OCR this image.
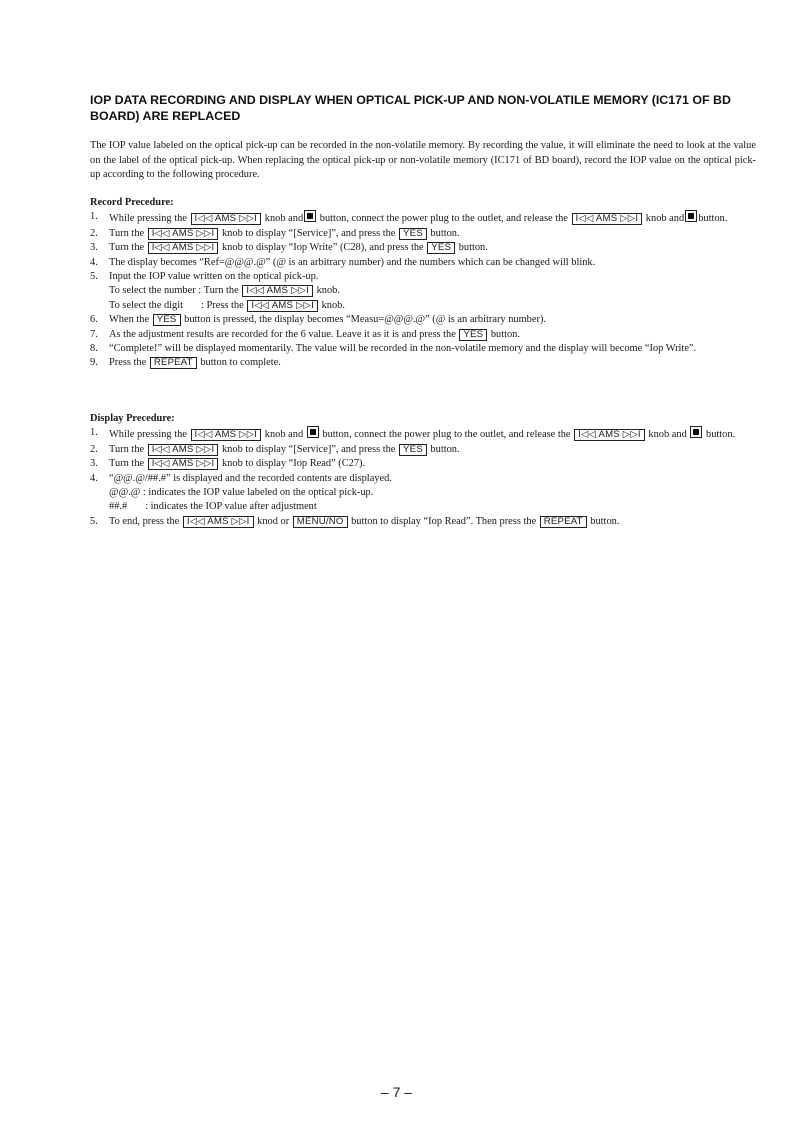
IOP DATA RECORDING AND DISPLAY WHEN OPTICAL PICK-UP AND NON-VOLATILE MEMORY (IC171 OF BD BOARD) ARE REPLACED
The IOP value labeled on the optical pick-up can be recorded in the non-volatile memory. By recording the value, it will eliminate the need to look at the value on the label of the optical pick-up. When replacing the optical pick-up or non-volatile memory (IC171 of BD board), record the IOP value on the optical pick-up according to the following procedure.
Record Precedure:
1. While pressing the I◁◁ AMS ▷▷I knob and button, connect the power plug to the outlet, and release the I◁◁ AMS ▷▷I knob and button.
2. Turn the I◁◁ AMS ▷▷I knob to display “[Service]”, and press the YES button.
3. Turn the I◁◁ AMS ▷▷I knob to display “Iop Write” (C28), and press the YES button.
4. The display becomes “Ref=@@@.@” (@ is an arbitrary number) and the numbers which can be changed will blink.
5. Input the IOP value written on the optical pick-up.
To select the number : Turn the I◁◁ AMS ▷▷I knob.
To select the digit : Press the I◁◁ AMS ▷▷I knob.
6. When the YES button is pressed, the display becomes “Measu=@@@.@” (@ is an arbitrary number).
7. As the adjustment results are recorded for the 6 value. Leave it as it is and press the YES button.
8. “Complete!” will be displayed momentarily. The value will be recorded in the non-volatile memory and the display will become “Iop Write”.
9. Press the REPEAT button to complete.
Display Precedure:
1. While pressing the I◁◁ AMS ▷▷I knob and button, connect the power plug to the outlet, and release the I◁◁ AMS ▷▷I knob and button.
2. Turn the I◁◁ AMS ▷▷I knob to display “[Service]”, and press the YES button.
3. Turn the I◁◁ AMS ▷▷I knob to display “Iop Read” (C27).
4. “@@.@/##.#” is displayed and the recorded contents are displayed.
@@.@ : indicates the IOP value labeled on the optical pick-up.
##.# : indicates the IOP value after adjustment
5. To end, press the I◁◁ AMS ▷▷I knod or MENU/NO button to display “Iop Read”. Then press the REPEAT button.
– 7 –
